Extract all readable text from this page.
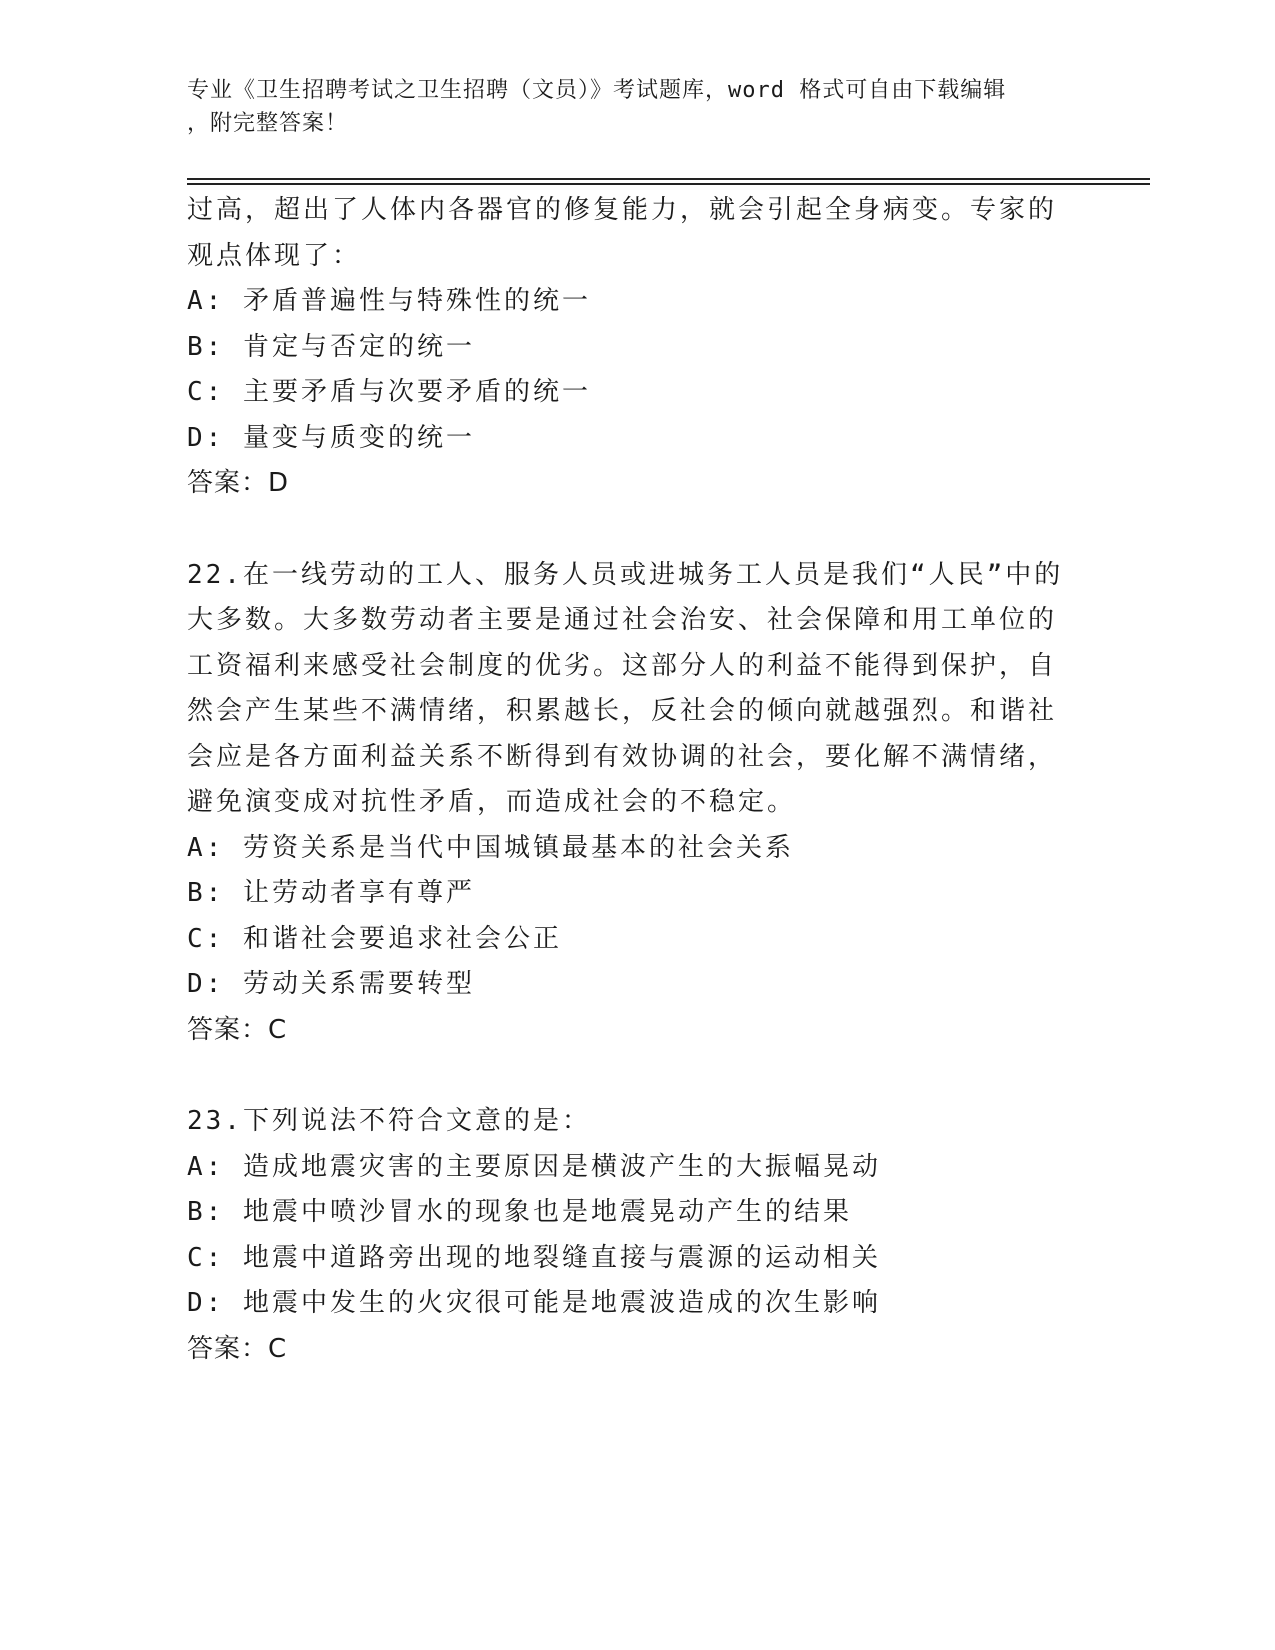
专业《卫生招聘考试之卫生招聘（文员）》考试题库，word 格式可自由下载编辑
，附完整答案！
过高，超出了人体内各器官的修复能力，就会引起全身病变。专家的
观点体现了：
A: 矛盾普遍性与特殊性的统一
B: 肯定与否定的统一
C: 主要矛盾与次要矛盾的统一
D: 量变与质变的统一
答案：D
22.在一线劳动的工人、服务人员或进城务工人员是我们“人民”中的
大多数。大多数劳动者主要是通过社会治安、社会保障和用工单位的
工资福利来感受社会制度的优劣。这部分人的利益不能得到保护，自
然会产生某些不满情绪，积累越长，反社会的倾向就越强烈。和谐社
会应是各方面利益关系不断得到有效协调的社会，要化解不满情绪，
避免演变成对抗性矛盾，而造成社会的不稳定。
A: 劳资关系是当代中国城镇最基本的社会关系
B: 让劳动者享有尊严
C: 和谐社会要追求社会公正
D: 劳动关系需要转型
答案：C
23.下列说法不符合文意的是：
A: 造成地震灾害的主要原因是横波产生的大振幅晃动
B: 地震中喷沙冒水的现象也是地震晃动产生的结果
C: 地震中道路旁出现的地裂缝直接与震源的运动相关
D: 地震中发生的火灾很可能是地震波造成的次生影响
答案：C
